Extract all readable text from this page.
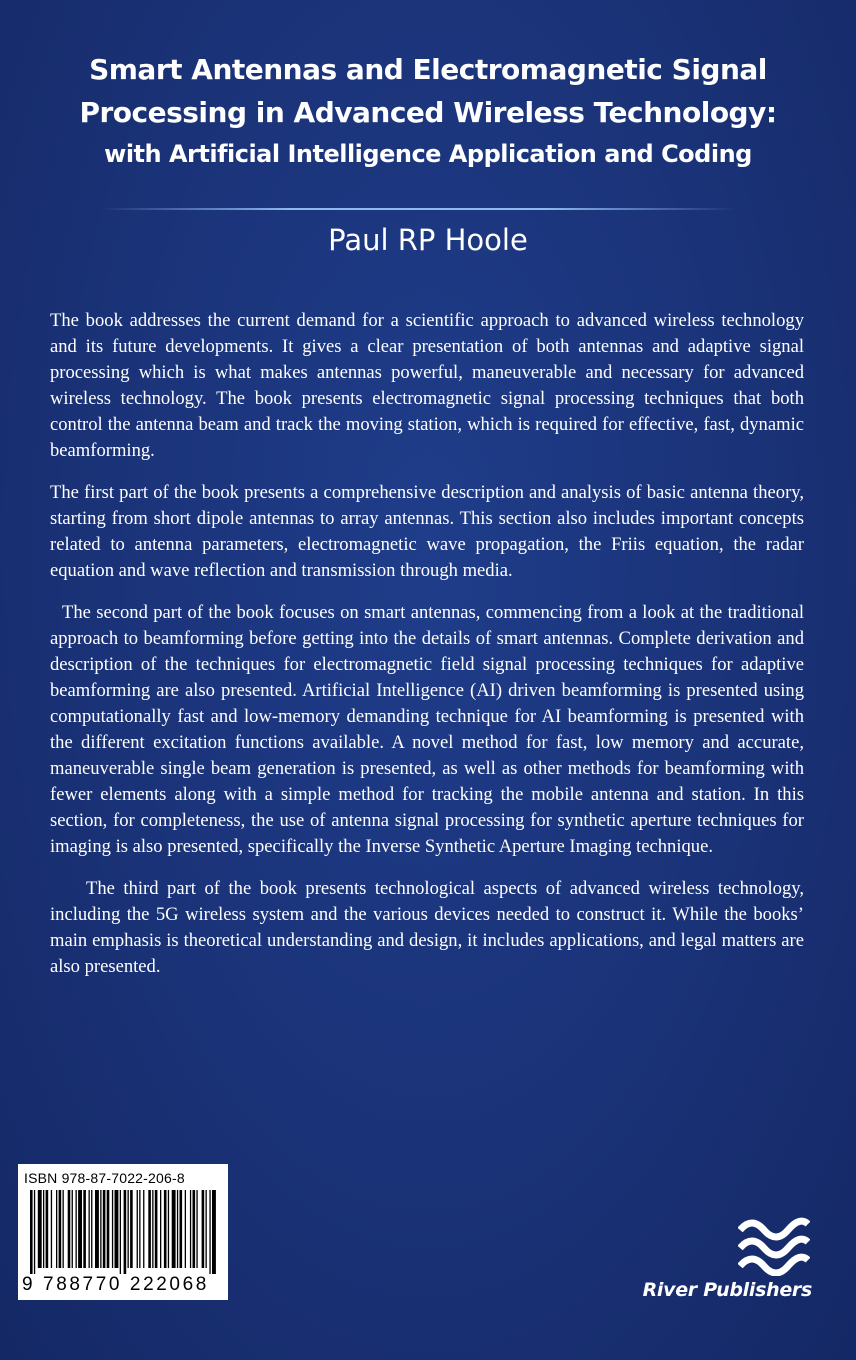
Smart Antennas and Electromagnetic Signal
Processing in Advanced Wireless Technology:
with Artificial Intelligence Application and Coding
Paul RP Hoole

The book addresses the current demand for a scientific approach to advanced wireless technology and its future developments. It gives a clear presentation of both antennas and adaptive signal processing which is what makes antennas powerful, maneuverable and necessary for advanced wireless technology. The book presents electromagnetic signal processing techniques that both control the antenna beam and track the moving station, which is required for effective, fast, dynamic beamforming.

The first part of the book presents a comprehensive description and analysis of basic antenna theory, starting from short dipole antennas to array antennas. This section also includes important concepts related to antenna parameters, electromagnetic wave propagation, the Friis equation, the radar equation and wave reflection and transmission through media.

The second part of the book focuses on smart antennas, commencing from a look at the traditional approach to beamforming before getting into the details of smart antennas. Complete derivation and description of the techniques for electromagnetic field signal processing techniques for adaptive beamforming are also presented. Artificial Intelligence (AI) driven beamforming is presented using computationally fast and low-memory demanding technique for AI beamforming is presented with the different excitation functions available. A novel method for fast, low memory and accurate, maneuverable single beam generation is presented, as well as other methods for beamforming with fewer elements along with a simple method for tracking the mobile antenna and station. In this section, for completeness, the use of antenna signal processing for synthetic aperture techniques for imaging is also presented, specifically the Inverse Synthetic Aperture Imaging technique.

The third part of the book presents technological aspects of advanced wireless technology, including the 5G wireless system and the various devices needed to construct it. While the books’ main emphasis is theoretical understanding and design, it includes applications, and legal matters are also presented.

ISBN 978-87-7022-206-8
9 788770 222068	River Publishers
